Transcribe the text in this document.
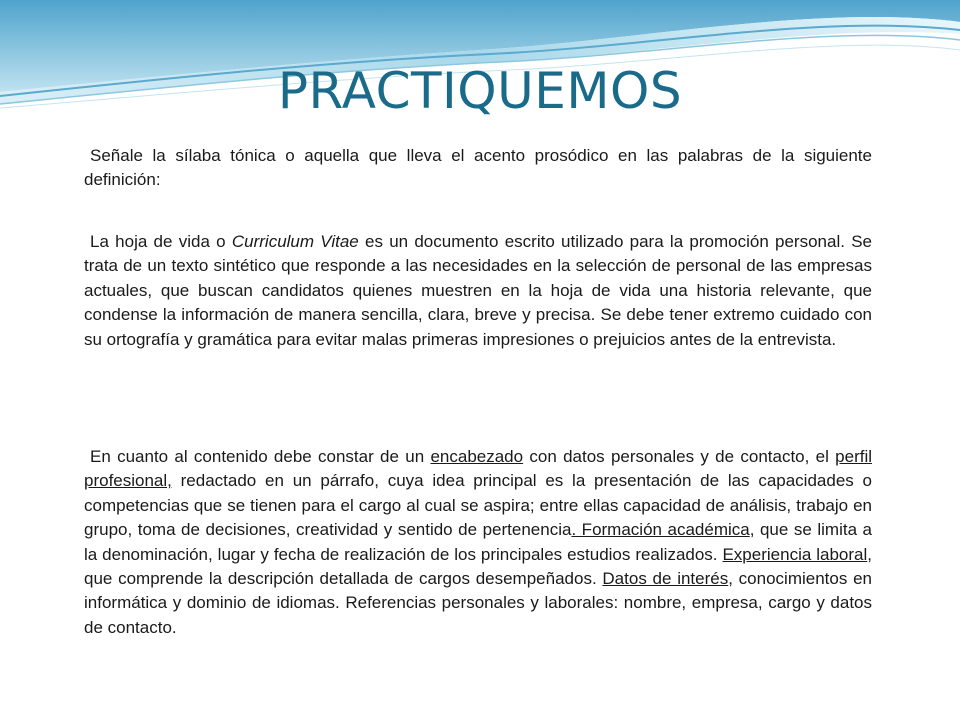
PRACTIQUEMOS

Señale la sílaba tónica o aquella que lleva el acento prosódico en las palabras de la siguiente definición:

La hoja de vida o Curriculum Vitae es un documento escrito utilizado para la promoción personal. Se trata de un texto sintético que responde a las necesidades en la selección de personal de las empresas actuales, que buscan candidatos quienes muestren en la hoja de vida una historia relevante, que condense la información de manera sencilla, clara, breve y precisa. Se debe tener extremo cuidado con su ortografía y gramática para evitar malas primeras impresiones o prejuicios antes de la entrevista.

En cuanto al contenido debe constar de un encabezado con datos personales y de contacto, el perfil profesional, redactado en un párrafo, cuya idea principal es la presentación de las capacidades o competencias que se tienen para el cargo al cual se aspira; entre ellas capacidad de análisis, trabajo en grupo, toma de decisiones, creatividad y sentido de pertenencia. Formación académica, que se limita a la denominación, lugar y fecha de realización de los principales estudios realizados. Experiencia laboral, que comprende la descripción detallada de cargos desempeñados. Datos de interés, conocimientos en informática y dominio de idiomas. Referencias personales y laborales: nombre, empresa, cargo y datos de contacto.
